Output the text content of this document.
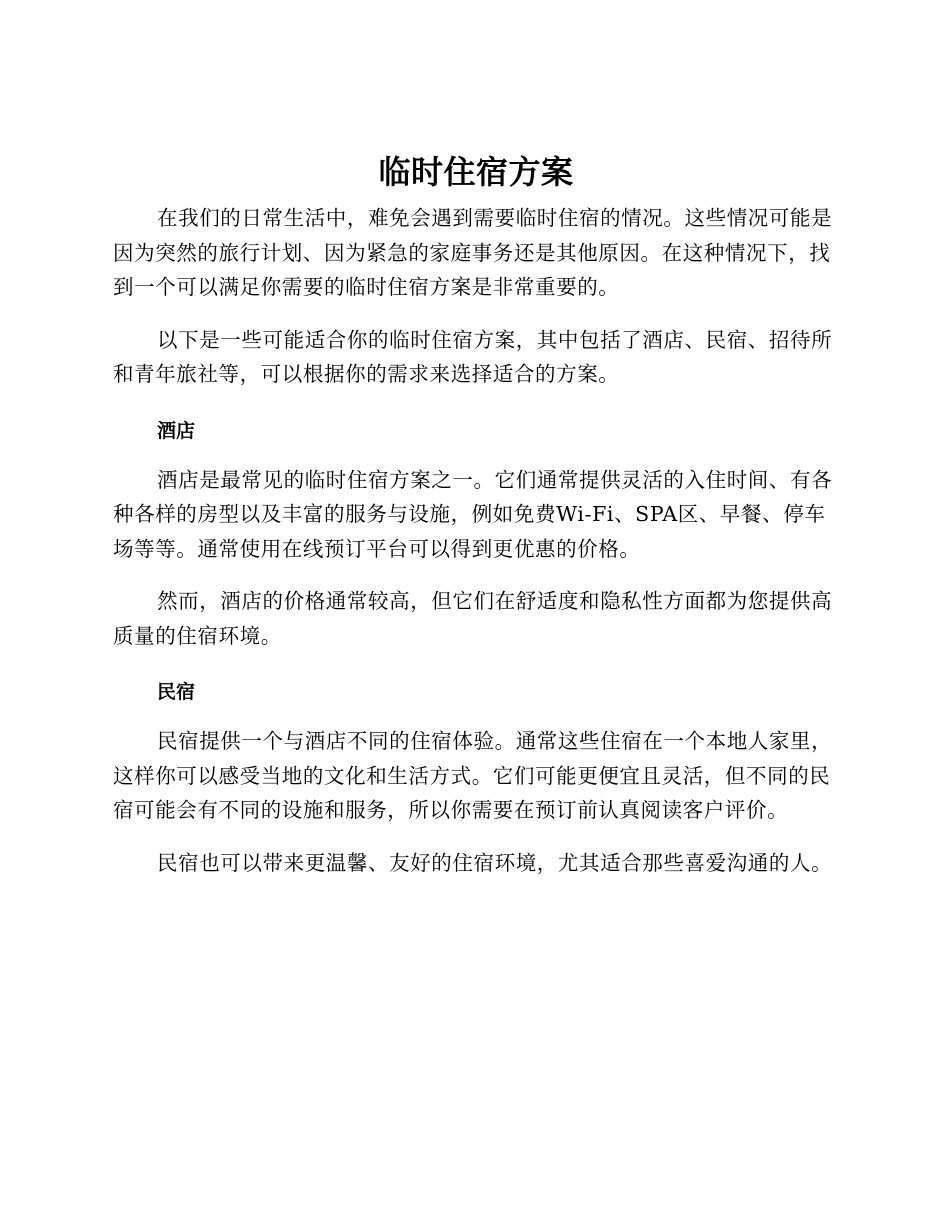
临时住宿方案

在我们的日常生活中，难免会遇到需要临时住宿的情况。这些情况可能是因为突然的旅行计划、因为紧急的家庭事务还是其他原因。在这种情况下，找到一个可以满足你需要的临时住宿方案是非常重要的。

以下是一些可能适合你的临时住宿方案，其中包括了酒店、民宿、招待所和青年旅社等，可以根据你的需求来选择适合的方案。

酒店

酒店是最常见的临时住宿方案之一。它们通常提供灵活的入住时间、有各种各样的房型以及丰富的服务与设施，例如免费Wi-Fi、SPA区、早餐、停车场等等。通常使用在线预订平台可以得到更优惠的价格。

然而，酒店的价格通常较高，但它们在舒适度和隐私性方面都为您提供高质量的住宿环境。

民宿

民宿提供一个与酒店不同的住宿体验。通常这些住宿在一个本地人家里，这样你可以感受当地的文化和生活方式。它们可能更便宜且灵活，但不同的民宿可能会有不同的设施和服务，所以你需要在预订前认真阅读客户评价。

民宿也可以带来更温馨、友好的住宿环境，尤其适合那些喜爱沟通的人。
